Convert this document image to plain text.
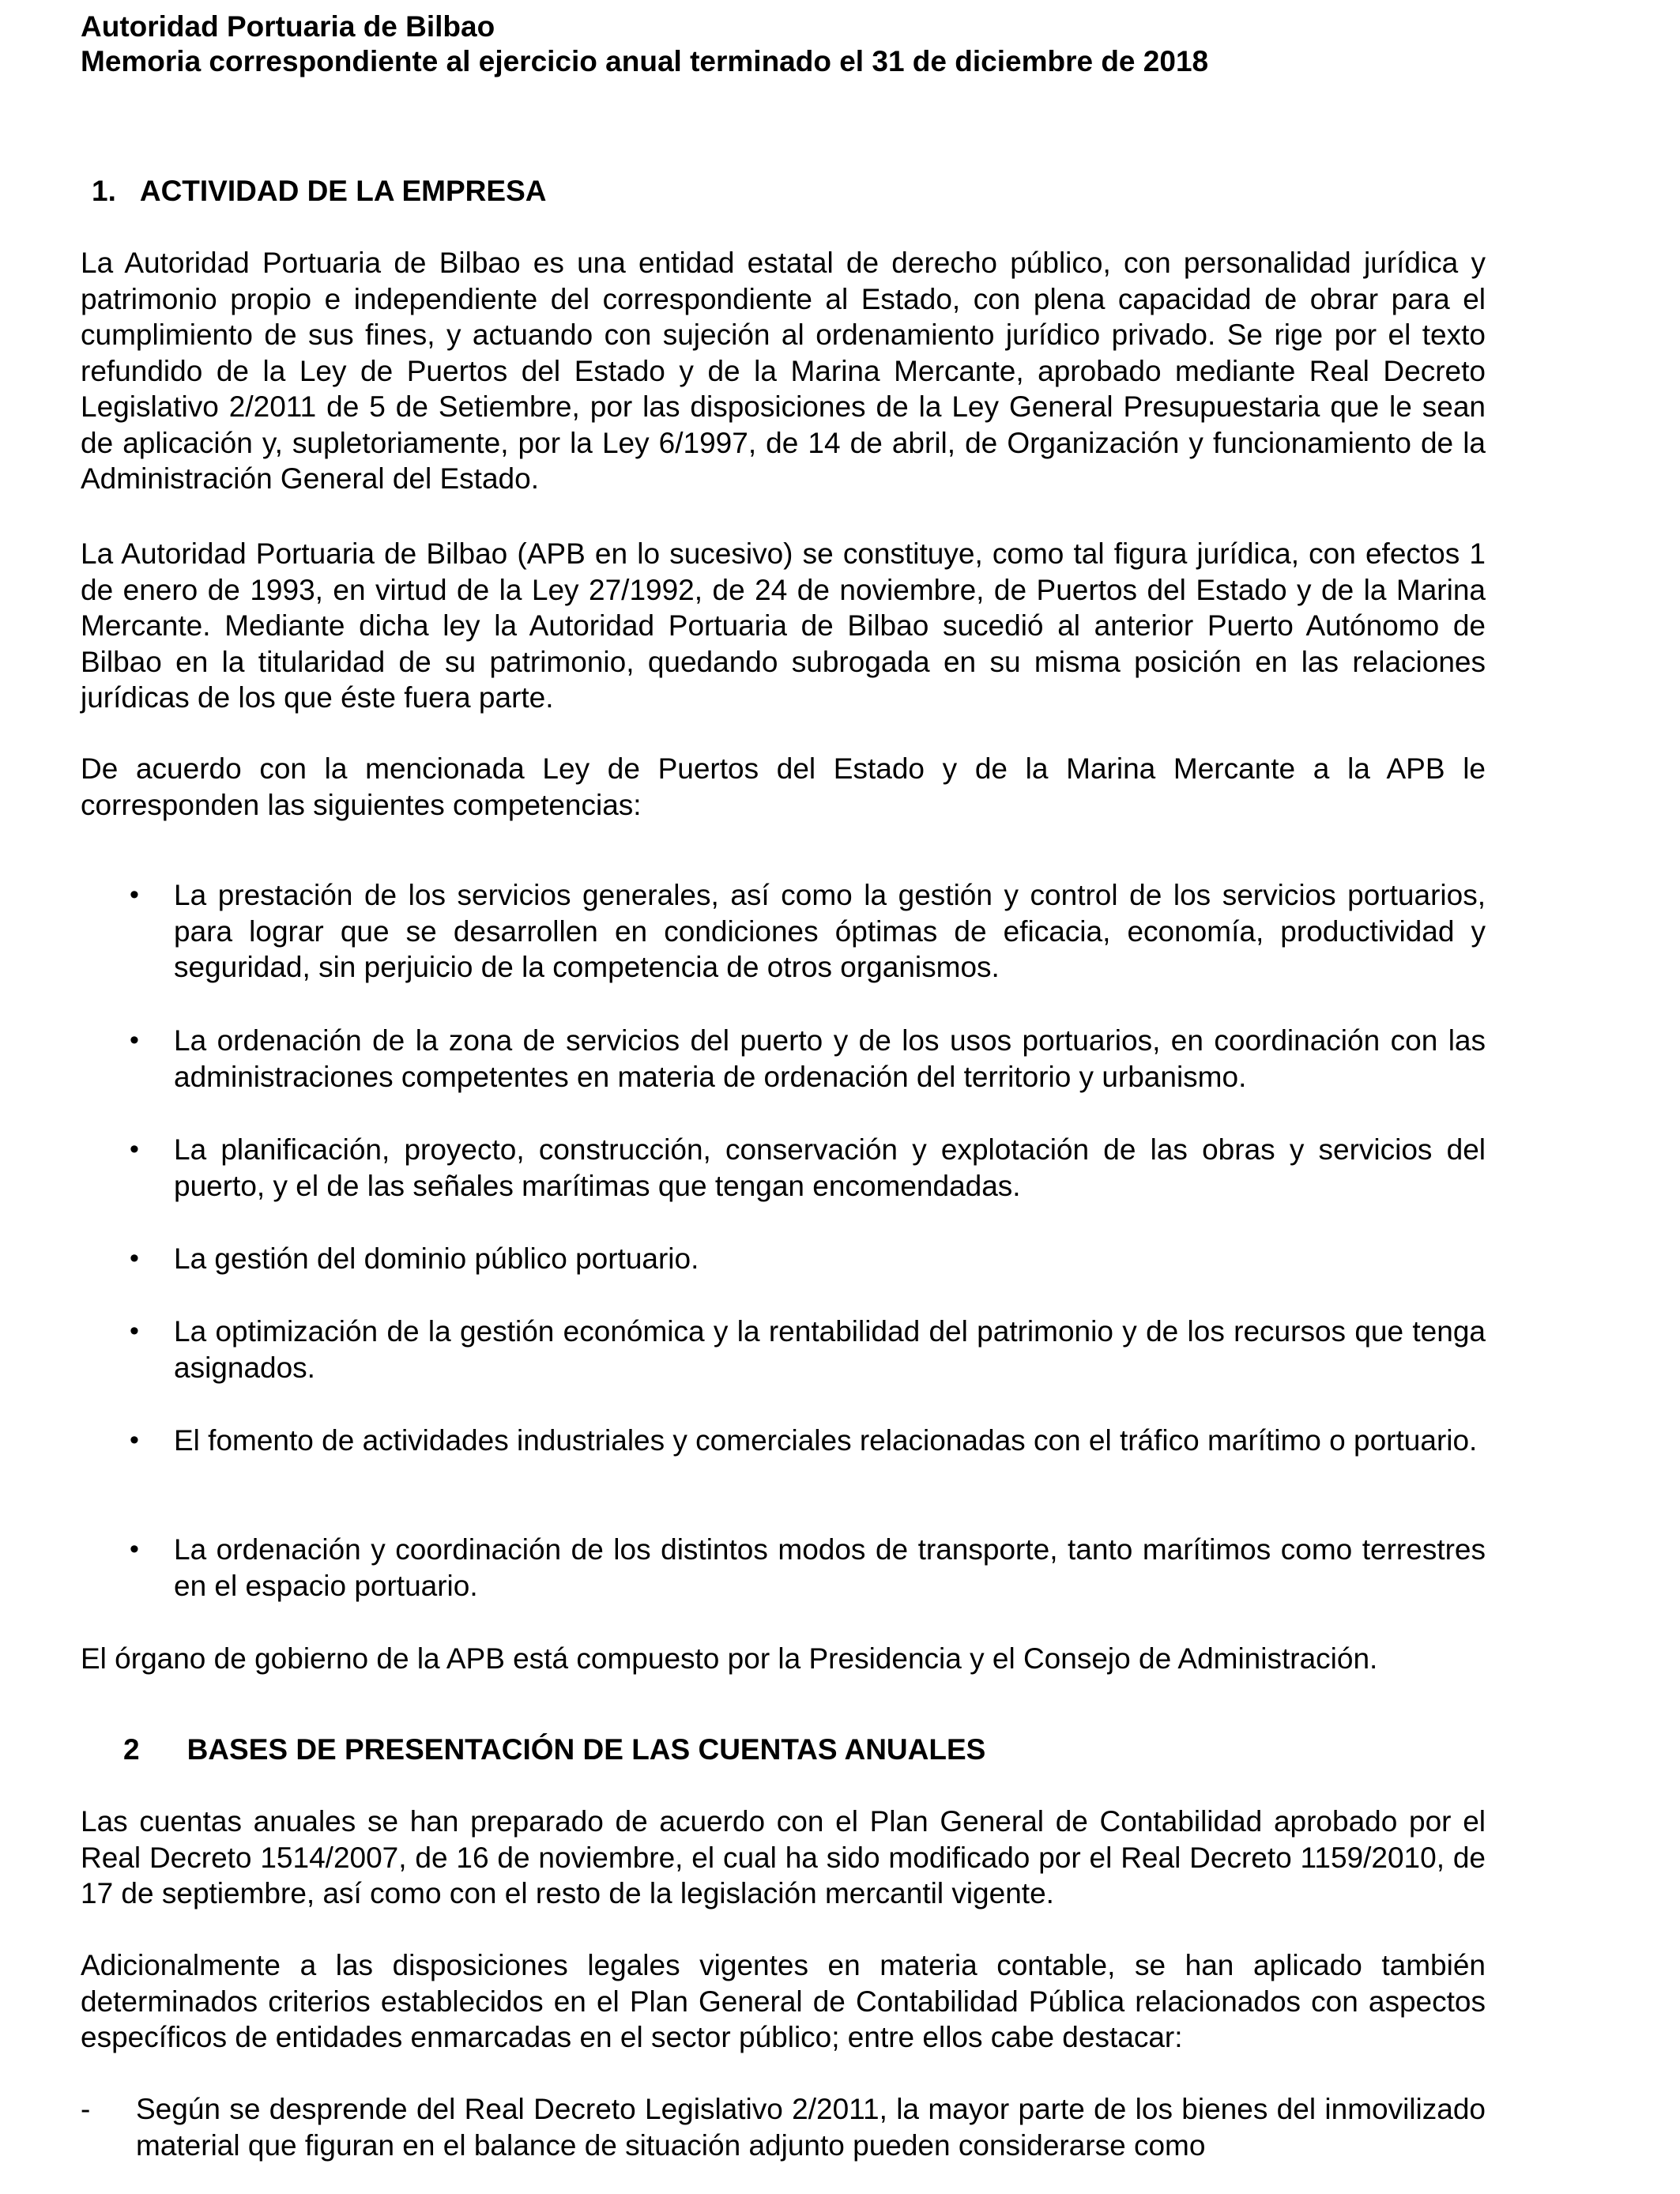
Autoridad Portuaria de Bilbao
Memoria correspondiente al ejercicio anual terminado el 31 de diciembre de 2018
1. ACTIVIDAD DE LA EMPRESA
La Autoridad Portuaria de Bilbao es una entidad estatal de derecho público, con personalidad jurídica y patrimonio propio e independiente del correspondiente al Estado, con plena capacidad de obrar para el cumplimiento de sus fines, y actuando con sujeción al ordenamiento jurídico privado. Se rige por el texto refundido de la Ley de Puertos del Estado y de la Marina Mercante, aprobado mediante Real Decreto Legislativo 2/2011 de 5 de Setiembre, por las disposiciones de la Ley General Presupuestaria que le sean de aplicación y, supletoriamente, por la Ley 6/1997, de 14 de abril, de Organización y funcionamiento de la Administración General del Estado.
La Autoridad Portuaria de Bilbao (APB en lo sucesivo) se constituye, como tal figura jurídica, con efectos 1 de enero de 1993, en virtud de la Ley 27/1992, de 24 de noviembre, de Puertos del Estado y de la Marina Mercante. Mediante dicha ley la Autoridad Portuaria de Bilbao sucedió al anterior Puerto Autónomo de Bilbao en la titularidad de su patrimonio, quedando subrogada en su misma posición en las relaciones jurídicas de los que éste fuera parte.
De acuerdo con la mencionada Ley de Puertos del Estado y de la Marina Mercante a la APB le corresponden las siguientes competencias:
• La prestación de los servicios generales, así como la gestión y control de los servicios portuarios, para lograr que se desarrollen en condiciones óptimas de eficacia, economía, productividad y seguridad, sin perjuicio de la competencia de otros organismos.
• La ordenación de la zona de servicios del puerto y de los usos portuarios, en coordinación con las administraciones competentes en materia de ordenación del territorio y urbanismo.
• La planificación, proyecto, construcción, conservación y explotación de las obras y servicios del puerto, y el de las señales marítimas que tengan encomendadas.
• La gestión del dominio público portuario.
• La optimización de la gestión económica y la rentabilidad del patrimonio y de los recursos que tenga asignados.
• El fomento de actividades industriales y comerciales relacionadas con el tráfico marítimo o portuario.
• La ordenación y coordinación de los distintos modos de transporte, tanto marítimos como terrestres en el espacio portuario.
El órgano de gobierno de la APB está compuesto por la Presidencia y el Consejo de Administración.
2 BASES DE PRESENTACIÓN DE LAS CUENTAS ANUALES
Las cuentas anuales se han preparado de acuerdo con el Plan General de Contabilidad aprobado por el Real Decreto 1514/2007, de 16 de noviembre, el cual ha sido modificado por el Real Decreto 1159/2010, de 17 de septiembre, así como con el resto de la legislación mercantil vigente.
Adicionalmente a las disposiciones legales vigentes en materia contable, se han aplicado también determinados criterios establecidos en el Plan General de Contabilidad Pública relacionados con aspectos específicos de entidades enmarcadas en el sector público; entre ellos cabe destacar:
- Según se desprende del Real Decreto Legislativo 2/2011, la mayor parte de los bienes del inmovilizado material que figuran en el balance de situación adjunto pueden considerarse como
